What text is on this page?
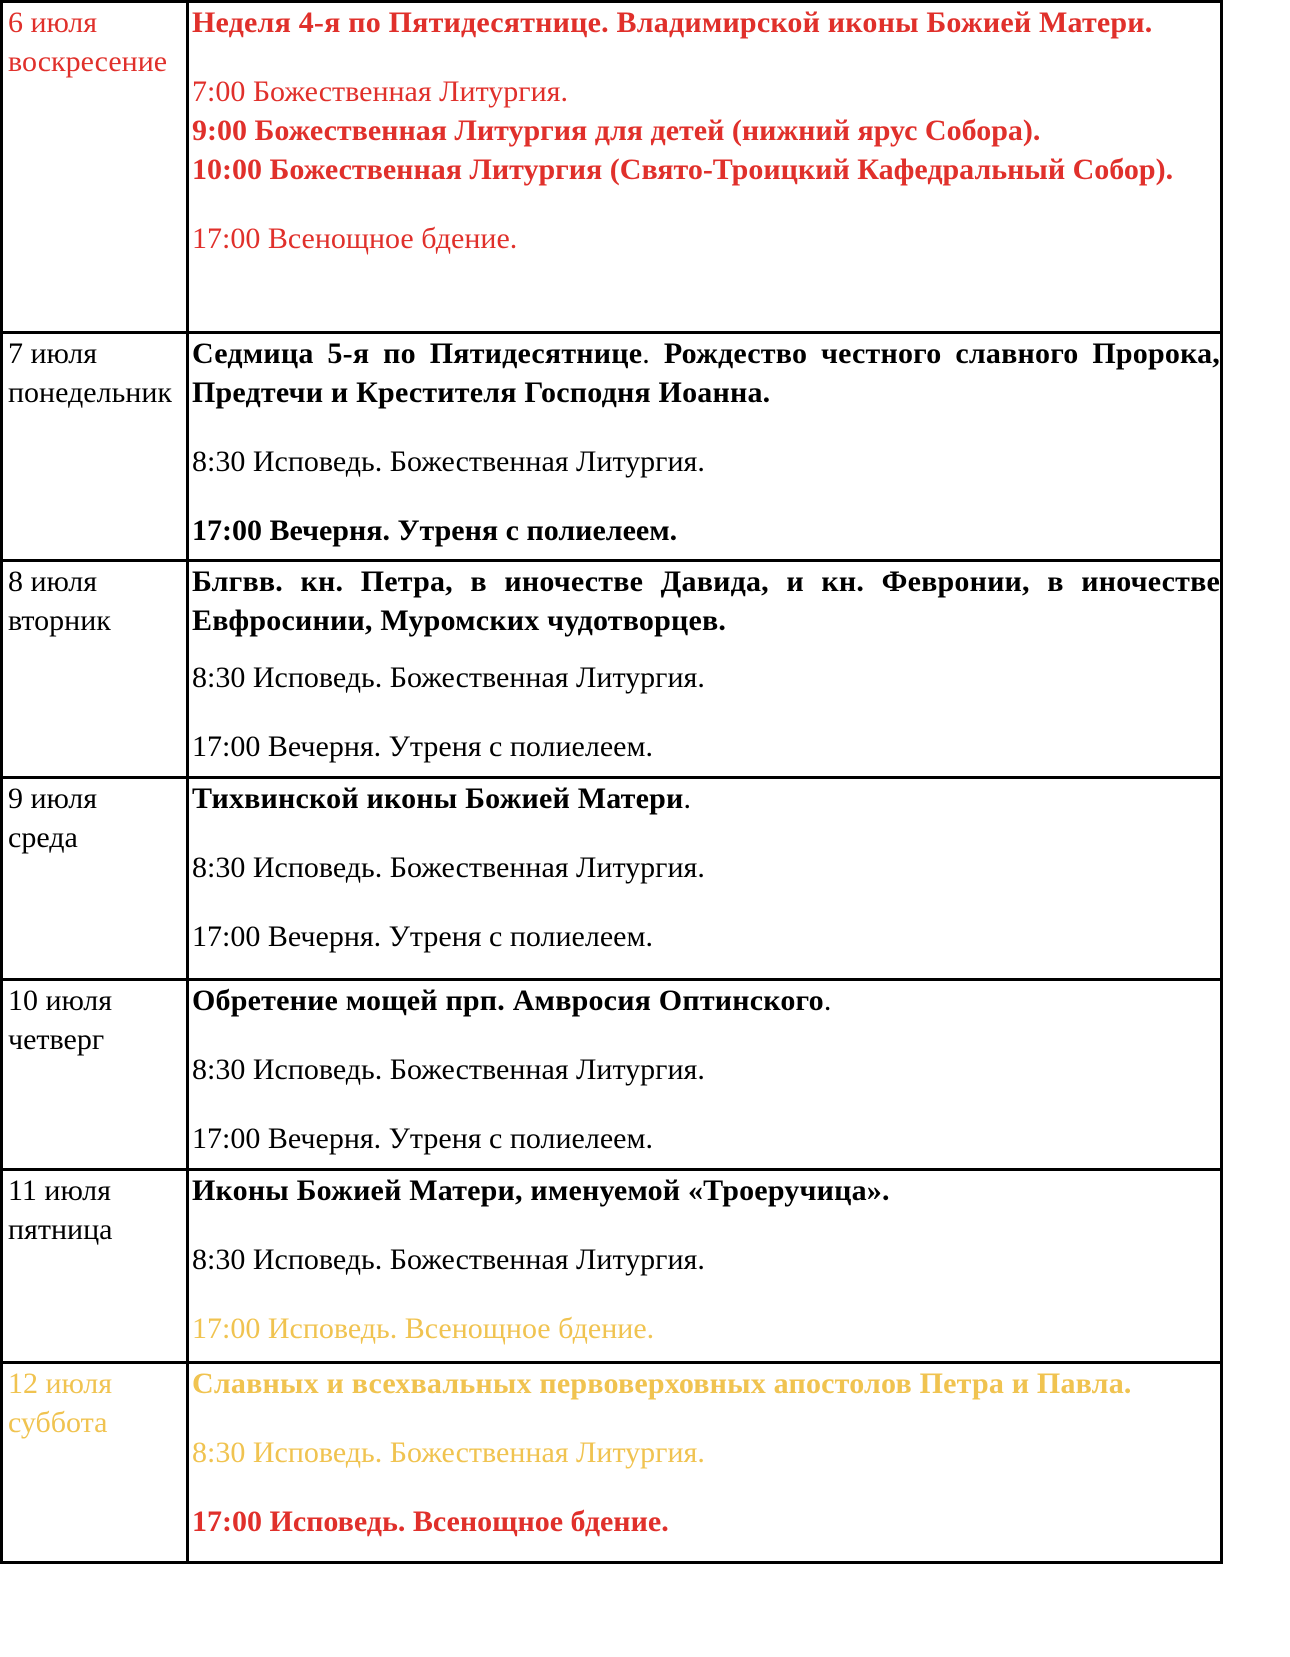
6 июля
воскресение	Неделя 4-я по Пятидесятнице. Владимирской иконы Божией Матери.
7:00 Божественная Литургия.
9:00 Божественная Литургия для детей (нижний ярус Собора).
10:00 Божественная Литургия (Свято-Троицкий Кафедральный Собор).
17:00 Всенощное бдение.

7 июля
понедельник	Седмица 5-я по Пятидесятнице. Рождество честного славного Пророка, Предтечи и Крестителя Господня Иоанна.
8:30 Исповедь. Божественная Литургия.
17:00 Вечерня. Утреня с полиелеем.

8 июля
вторник	Блгвв. кн. Петра, в иночестве Давида, и кн. Февронии, в иночестве Евфросинии, Муромских чудотворцев.
8:30 Исповедь. Божественная Литургия.
17:00 Вечерня. Утреня с полиелеем.

9 июля
среда	Тихвинской иконы Божией Матери.
8:30 Исповедь. Божественная Литургия.
17:00 Вечерня. Утреня с полиелеем.

10 июля
четверг	Обретение мощей прп. Амвросия Оптинского.
8:30 Исповедь. Божественная Литургия.
17:00 Вечерня. Утреня с полиелеем.

11 июля
пятница	Иконы Божией Матери, именуемой «Троеручица».
8:30 Исповедь. Божественная Литургия.
17:00 Исповедь. Всенощное бдение.

12 июля
суббота	Славных и всехвальных первоверховных апостолов Петра и Павла.
8:30 Исповедь. Божественная Литургия.
17:00 Исповедь. Всенощное бдение.
